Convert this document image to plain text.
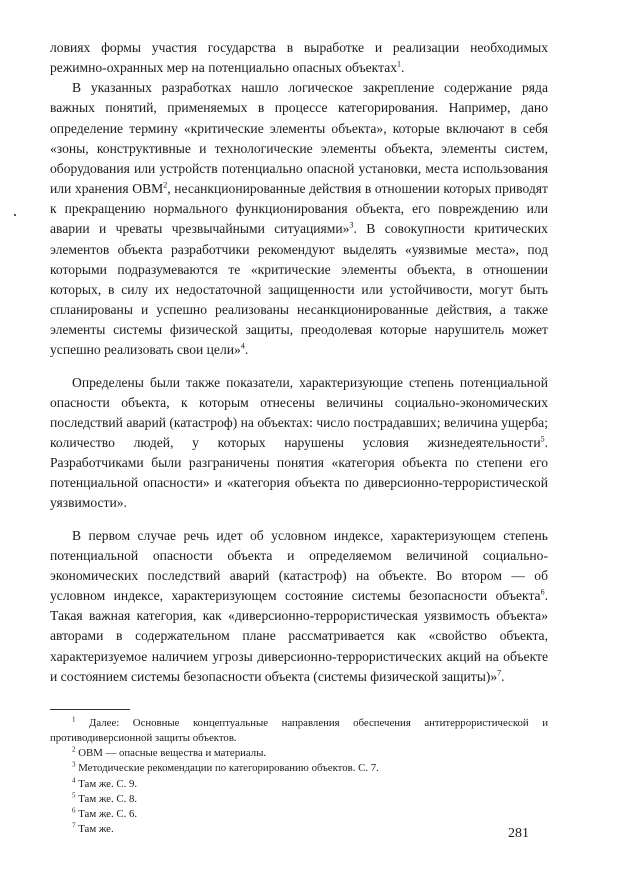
ловиях формы участия государства в выработке и реализации необходимых режимно-охранных мер на потенциально опасных объектах$^1$.

В указанных разработках нашло логическое закрепление содержание ряда важных понятий, применяемых в процессе категорирования. Например, дано определение термину «критические элементы объекта», которые включают в себя «зоны, конструктивные и технологические элементы объекта, элементы систем, оборудования или устройств потенциально опасной установки, места использования или хранения ОВМ$^2$, несанкционированные действия в отношении которых приводят к прекращению нормального функционирования объекта, его повреждению или аварии и чреваты чрезвычайными ситуациями»$^3$. В совокупности критических элементов объекта разработчики рекомендуют выделять «уязвимые места», под которыми подразумеваются те «критические элементы объекта, в отношении которых, в силу их недостаточной защищенности или устойчивости, могут быть спланированы и успешно реализованы несанкционированные действия, а также элементы системы физической защиты, преодолевая которые нарушитель может успешно реализовать свои цели»$^4$.

Определены были также показатели, характеризующие степень потенциальной опасности объекта, к которым отнесены величины социально-экономических последствий аварий (катастроф) на объектах: число пострадавших; величина ущерба; количество людей, у которых нарушены условия жизнедеятельности$^5$. Разработчиками были разграничены понятия «категория объекта по степени его потенциальной опасности» и «категория объекта по диверсионно-террористической уязвимости».

В первом случае речь идет об условном индексе, характеризующем степень потенциальной опасности объекта и определяемом величиной социально-экономических последствий аварий (катастроф) на объекте. Во втором — об условном индексе, характеризующем состояние системы безопасности объекта$^6$. Такая важная категория, как «диверсионно-террористическая уязвимость объекта» авторами в содержательном плане рассматривается как «свойство объекта, характеризуемое наличием угрозы диверсионно-террористических акций на объекте и состоянием системы безопасности объекта (системы физической защиты)»$^7$.

$^1$ Далее: Основные концептуальные направления обеспечения антитеррористической и противодиверсионной защиты объектов.

$^2$ ОВМ — опасные вещества и материалы.

$^3$ Методические рекомендации по категорированию объектов. С. 7.

$^4$ Там же. С. 9.

$^5$ Там же. С. 8.

$^6$ Там же. С. 6.

$^7$ Там же.	281
